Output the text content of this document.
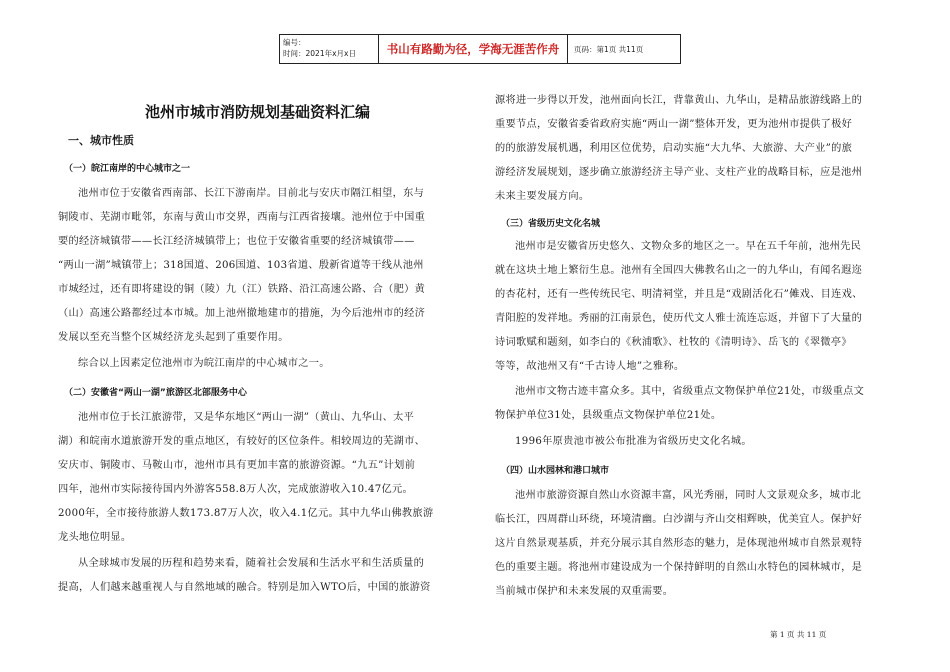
编号：
时间：2021年x月x日	书山有路勤为径，学海无涯苦作舟	页码：第1页 共11页
池州市城市消防规划基础资料汇编
一、城市性质
（一）皖江南岸的中心城市之一
池州市位于安徽省西南部、长江下游南岸。目前北与安庆市隔江相望，东与
铜陵市、芜湖市毗邻，东南与黄山市交界，西南与江西省接壤。池州位于中国重
要的经济城镇带——长江经济城镇带上；也位于安徽省重要的经济城镇带——
“两山一湖”城镇带上；318国道、206国道、103省道、殷新省道等干线从池州
市城经过，还有即将建设的铜（陵）九（江）铁路、沿江高速公路、合（肥）黄
（山）高速公路都经过本市城。加上池州撤地建市的措施，为今后池州市的经济
发展以至充当整个区城经济龙头起到了重要作用。
综合以上因素定位池州市为皖江南岸的中心城市之一。
（二）安徽省“两山一湖”旅游区北部服务中心
池州市位于长江旅游带，又是华东地区“两山一湖”（黄山、九华山、太平
湖）和皖南水道旅游开发的重点地区，有较好的区位条件。相较周边的芜湖市、
安庆市、铜陵市、马鞍山市，池州市具有更加丰富的旅游资源。“九五”计划前
四年，池州市实际接待国内外游客558.8万人次，完成旅游收入10.47亿元。
2000年，全市接待旅游人数173.87万人次，收入4.1亿元。其中九华山佛教旅游
龙头地位明显。
从全球城市发展的历程和趋势来看，随着社会发展和生活水平和生活质量的
提高，人们越来越重视人与自然地域的融合。特别是加入WTO后，中国的旅游资
源将进一步得以开发，池州面向长江，背靠黄山、九华山，是精品旅游线路上的
重要节点，安徽省委省政府实施“两山一湖”整体开发，更为池州市提供了极好
的的旅游发展机遇，利用区位优势，启动实施“大九华、大旅游、大产业”的旅
游经济发展规划，逐步确立旅游经济主导产业、支柱产业的战略目标，应是池州
未来主要发展方向。
（三）省级历史文化名城
池州市是安徽省历史悠久、文物众多的地区之一。早在五千年前，池州先民
就在这块土地上繁衍生息。池州有全国四大佛教名山之一的九华山，有闻名遐迩
的杏花村，还有一些传统民宅、明清祠堂，并且是“戏剧活化石”傩戏、目连戏、
青阳腔的发祥地。秀丽的江南景色，使历代文人雅士流连忘返，并留下了大量的
诗词歌赋和题刻，如李白的《秋浦歌》、杜牧的《清明诗》、岳飞的《翠微亭》
等等，故池州又有“千古诗人地”之雅称。
池州市文物古迹丰富众多。其中，省级重点文物保护单位21处，市级重点文
物保护单位31处，县级重点文物保护单位21处。
1996年原贵池市被公布批准为省级历史文化名城。
（四）山水园林和港口城市
池州市旅游资源自然山水资源丰富，风光秀丽，同时人文景观众多，城市北
临长江，四周群山环绕，环境清幽。白沙湖与齐山交相辉映，优美宜人。保护好
这片自然景观基质，并充分展示其自然形态的魅力，是体现池州城市自然景观特
色的重要主题。将池州市建设成为一个保持鲜明的自然山水特色的园林城市，是
当前城市保护和未来发展的双重需要。
第 1 页 共 11 页
